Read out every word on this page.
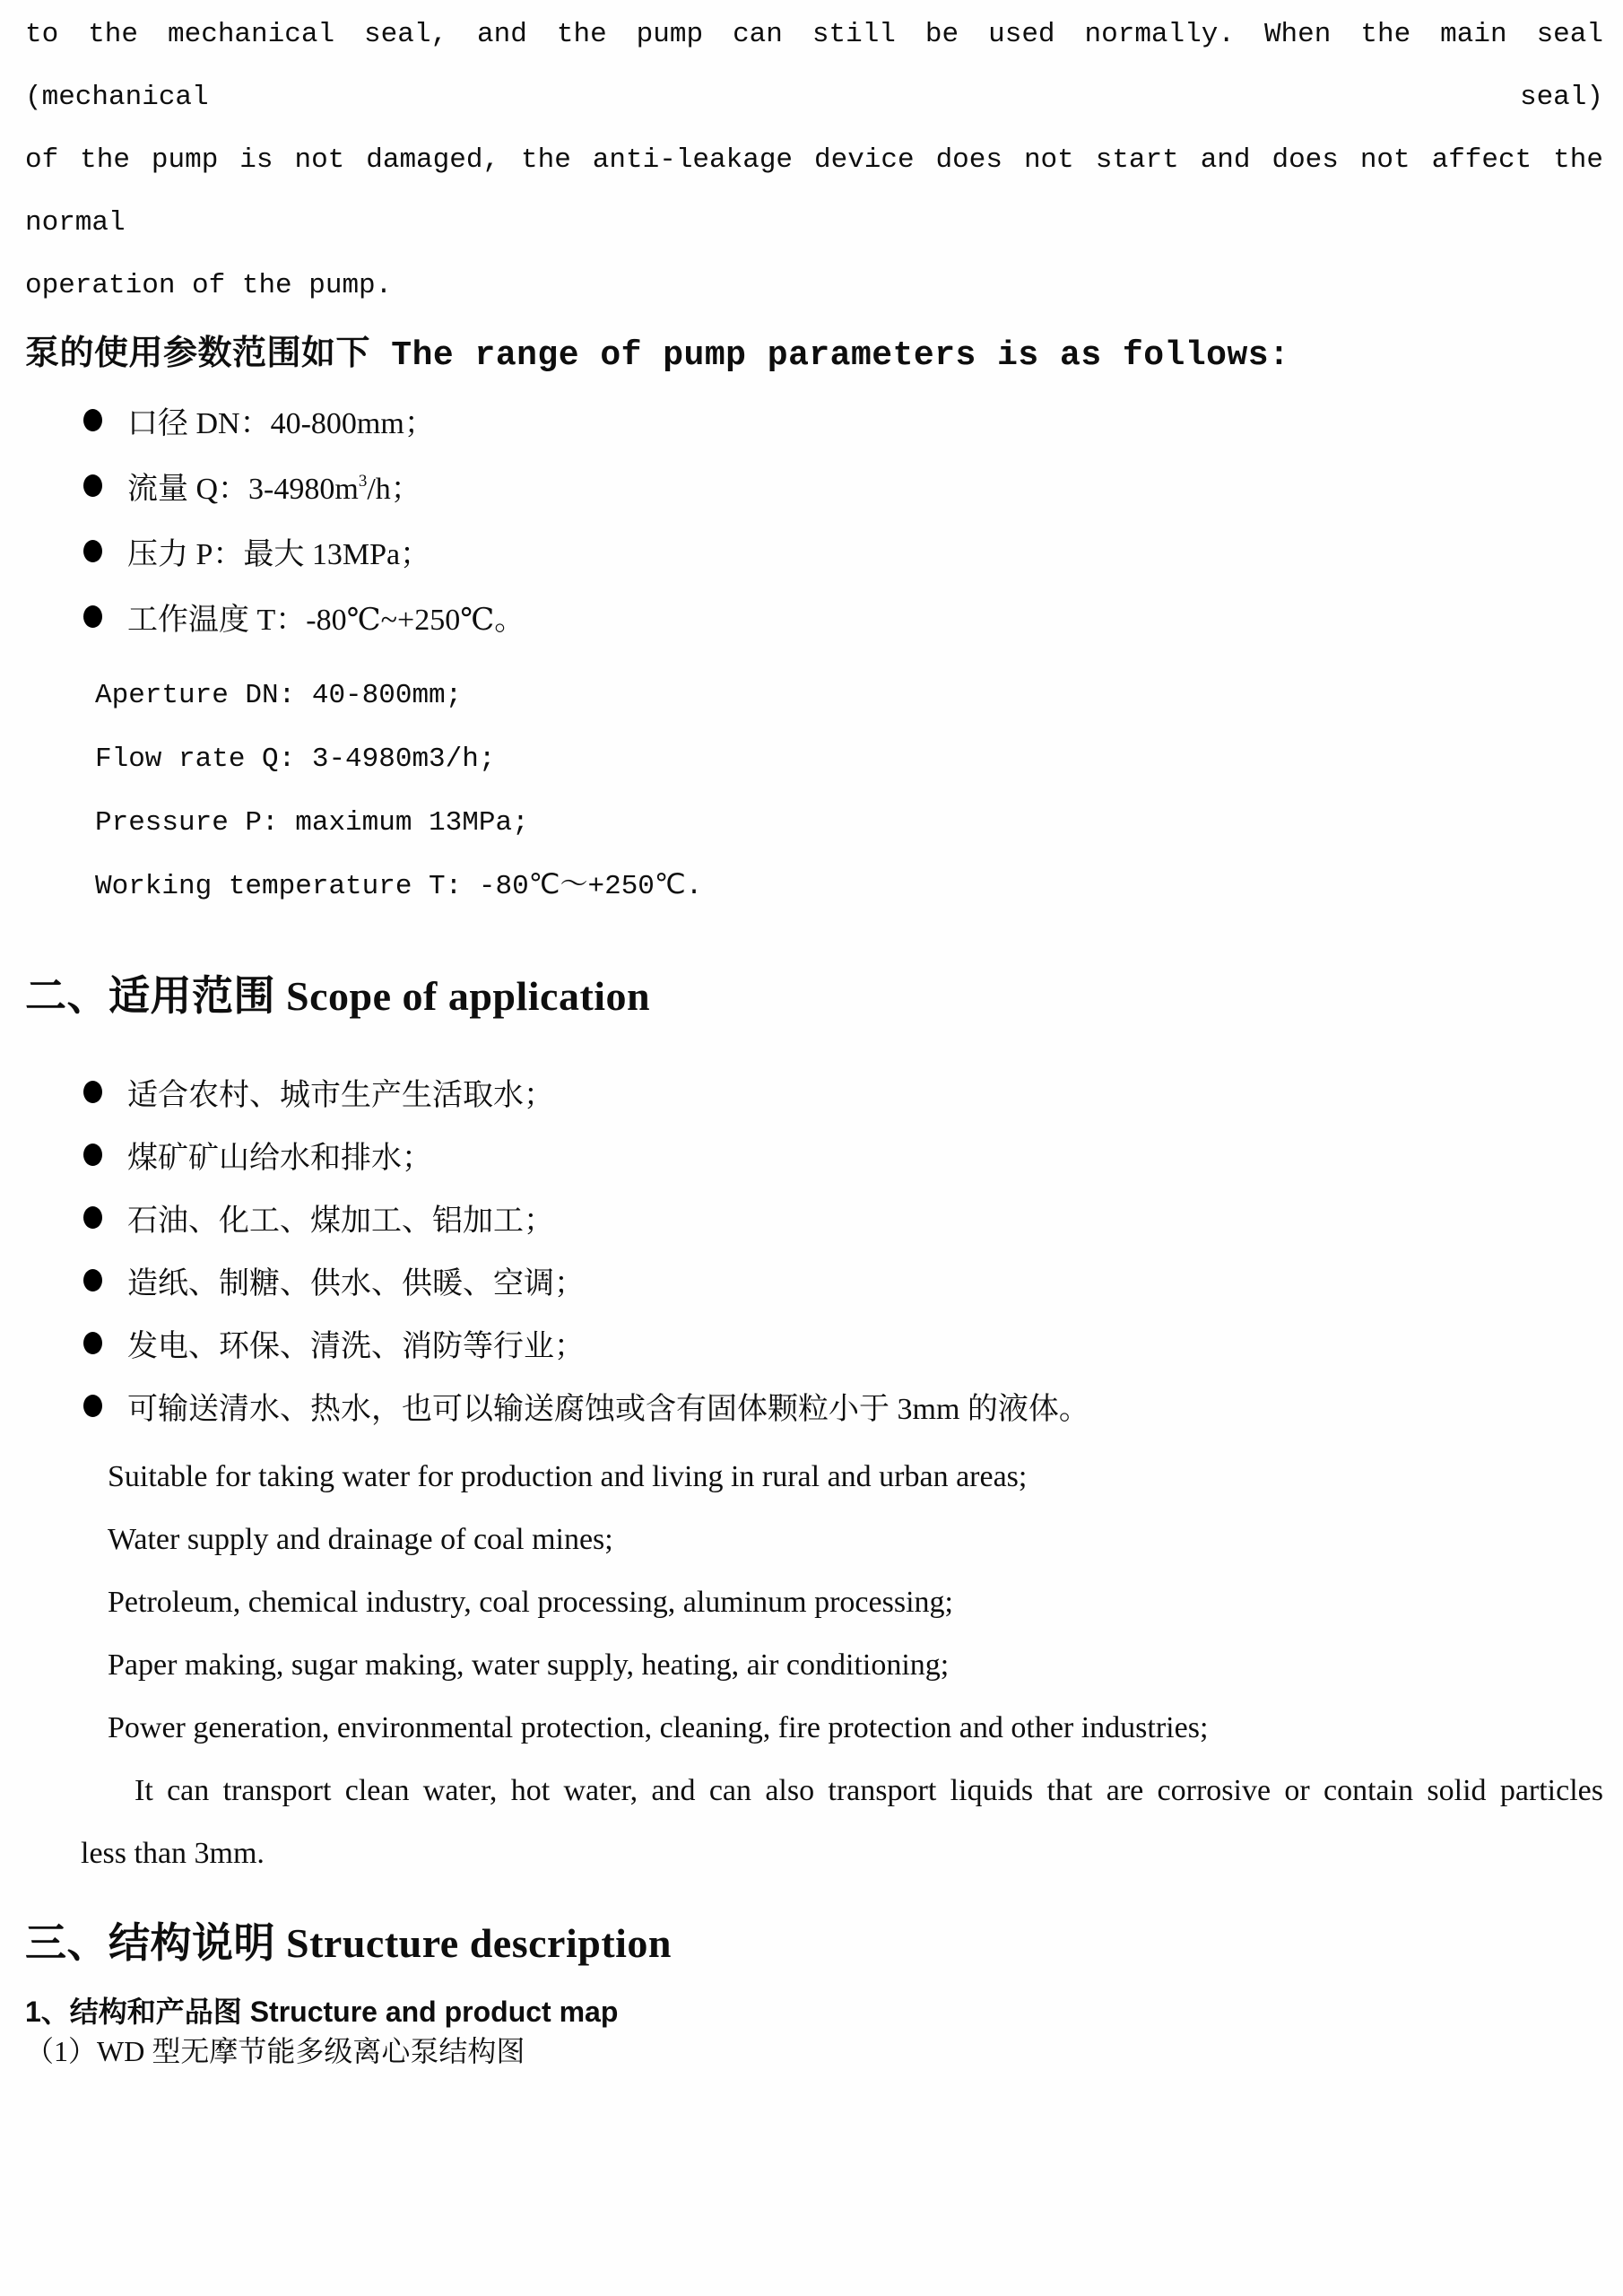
to the mechanical seal, and the pump can still be used normally. When the main seal (mechanical seal)
of the pump is not damaged, the anti-leakage device does not start and does not affect the normal
operation of the pump.
泵的使用参数范围如下 The range of pump parameters is as follows:
口径 DN：40-800mm；
流量 Q：$3-4980m^3/h$；
压力 P：最大 13MPa；
工作温度 T：-80℃~+250℃。
Aperture DN: 40-800mm;
Flow rate Q: 3-4980m3/h;
Pressure P: maximum 13MPa;
Working temperature T: -80℃～+250℃.
二、适用范围 Scope of application
适合农村、城市生产生活取水；
煤矿矿山给水和排水；
石油、化工、煤加工、铝加工；
造纸、制糖、供水、供暖、空调；
发电、环保、清洗、消防等行业；
可输送清水、热水，也可以输送腐蚀或含有固体颗粒小于 3mm 的液体。
Suitable for taking water for production and living in rural and urban areas;
Water supply and drainage of coal mines;
Petroleum, chemical industry, coal processing, aluminum processing;
Paper making, sugar making, water supply, heating, air conditioning;
Power generation, environmental protection, cleaning, fire protection and other industries;
It can transport clean water, hot water, and can also transport liquids that are corrosive or contain solid particles
less than 3mm.
三、结构说明 Structure description
1、结构和产品图 Structure and product map
（1）WD 型无摩节能多级离心泵结构图
